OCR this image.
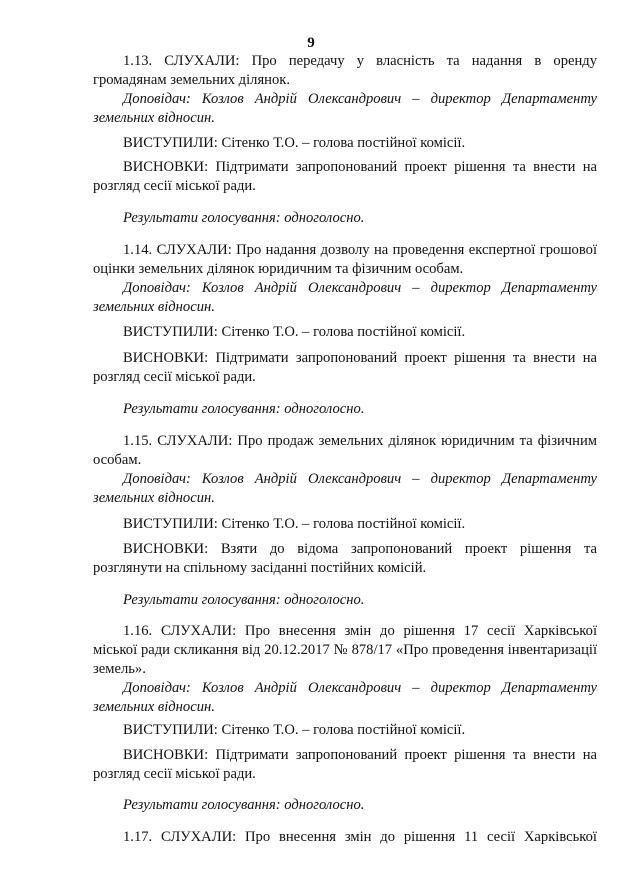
9

1.13. СЛУХАЛИ: Про передачу у власність та надання в оренду громадянам земельних ділянок.

Доповідач: Козлов Андрій Олександрович – директор Департаменту земельних відносин.

ВИСТУПИЛИ: Сітенко Т.О. – голова постійної комісії.

ВИСНОВКИ: Підтримати запропонований проект рішення та внести на розгляд сесії міської ради.

Результати голосування: одноголосно.

1.14. СЛУХАЛИ: Про надання дозволу на проведення експертної грошової оцінки земельних ділянок юридичним та фізичним особам.

Доповідач: Козлов Андрій Олександрович – директор Департаменту земельних відносин.

ВИСТУПИЛИ: Сітенко Т.О. – голова постійної комісії.

ВИСНОВКИ: Підтримати запропонований проект рішення та внести на розгляд сесії міської ради.

Результати голосування: одноголосно.

1.15. СЛУХАЛИ: Про продаж земельних ділянок юридичним та фізичним особам.

Доповідач: Козлов Андрій Олександрович – директор Департаменту земельних відносин.

ВИСТУПИЛИ: Сітенко Т.О. – голова постійної комісії.

ВИСНОВКИ: Взяти до відома запропонований проект рішення та розглянути на спільному засіданні постійних комісій.

Результати голосування: одноголосно.

1.16. СЛУХАЛИ: Про внесення змін до рішення 17 сесії Харківської міської ради скликання від 20.12.2017 № 878/17 «Про проведення інвентаризації земель».

Доповідач: Козлов Андрій Олександрович – директор Департаменту земельних відносин.

ВИСТУПИЛИ: Сітенко Т.О. – голова постійної комісії.

ВИСНОВКИ: Підтримати запропонований проект рішення та внести на розгляд сесії міської ради.

Результати голосування: одноголосно.

1.17. СЛУХАЛИ: Про внесення змін до рішення 11 сесії Харківської
